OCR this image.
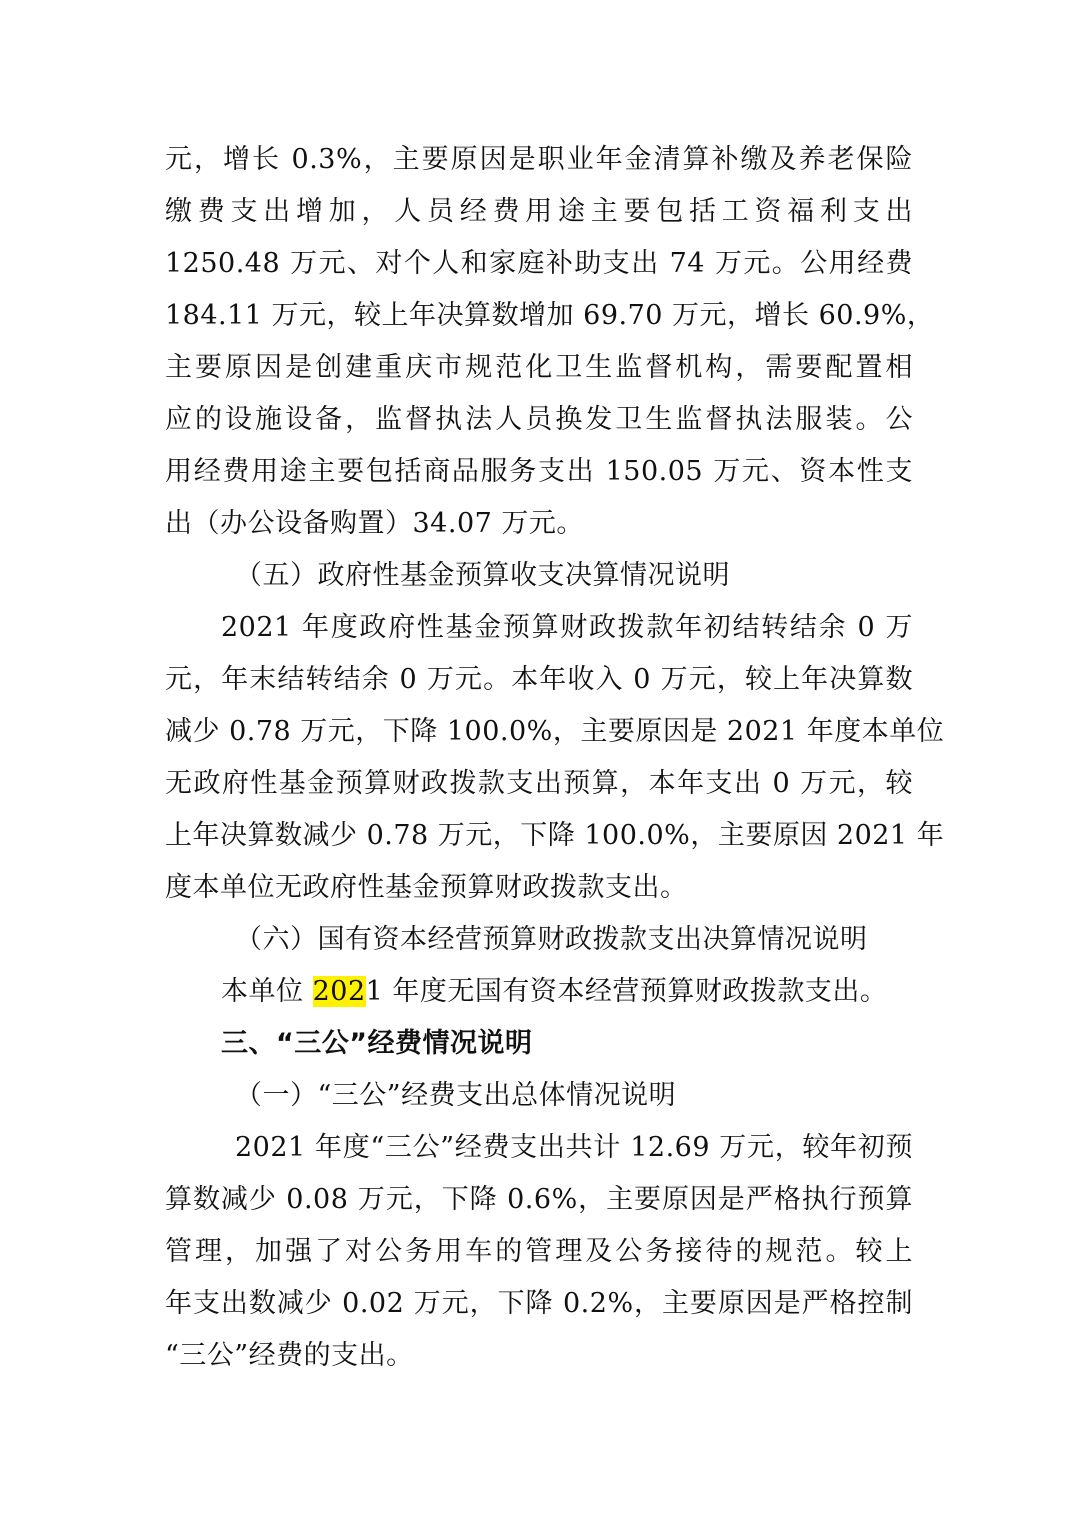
元，增长 0.3%，主要原因是职业年金清算补缴及养老保险
缴费支出增加，人员经费用途主要包括工资福利支出
1250.48 万元、对个人和家庭补助支出 74 万元。公用经费
184.11 万元，较上年决算数增加 69.70 万元，增长 60.9%，
主要原因是创建重庆市规范化卫生监督机构，需要配置相
应的设施设备，监督执法人员换发卫生监督执法服装。公
用经费用途主要包括商品服务支出 150.05 万元、资本性支
出（办公设备购置）34.07 万元。
（五）政府性基金预算收支决算情况说明
2021 年度政府性基金预算财政拨款年初结转结余 0 万
元，年末结转结余 0 万元。本年收入 0 万元，较上年决算数
减少 0.78 万元，下降 100.0%，主要原因是 2021 年度本单位
无政府性基金预算财政拨款支出预算，本年支出 0 万元，较
上年决算数减少 0.78 万元，下降 100.0%，主要原因 2021 年
度本单位无政府性基金预算财政拨款支出。
（六）国有资本经营预算财政拨款支出决算情况说明
本单位 2021 年度无国有资本经营预算财政拨款支出。
三、“三公”经费情况说明
（一）“三公”经费支出总体情况说明
2021 年度“三公”经费支出共计 12.69 万元，较年初预
算数减少 0.08 万元，下降 0.6%，主要原因是严格执行预算
管理，加强了对公务用车的管理及公务接待的规范。较上
年支出数减少 0.02 万元，下降 0.2%，主要原因是严格控制
“三公”经费的支出。
